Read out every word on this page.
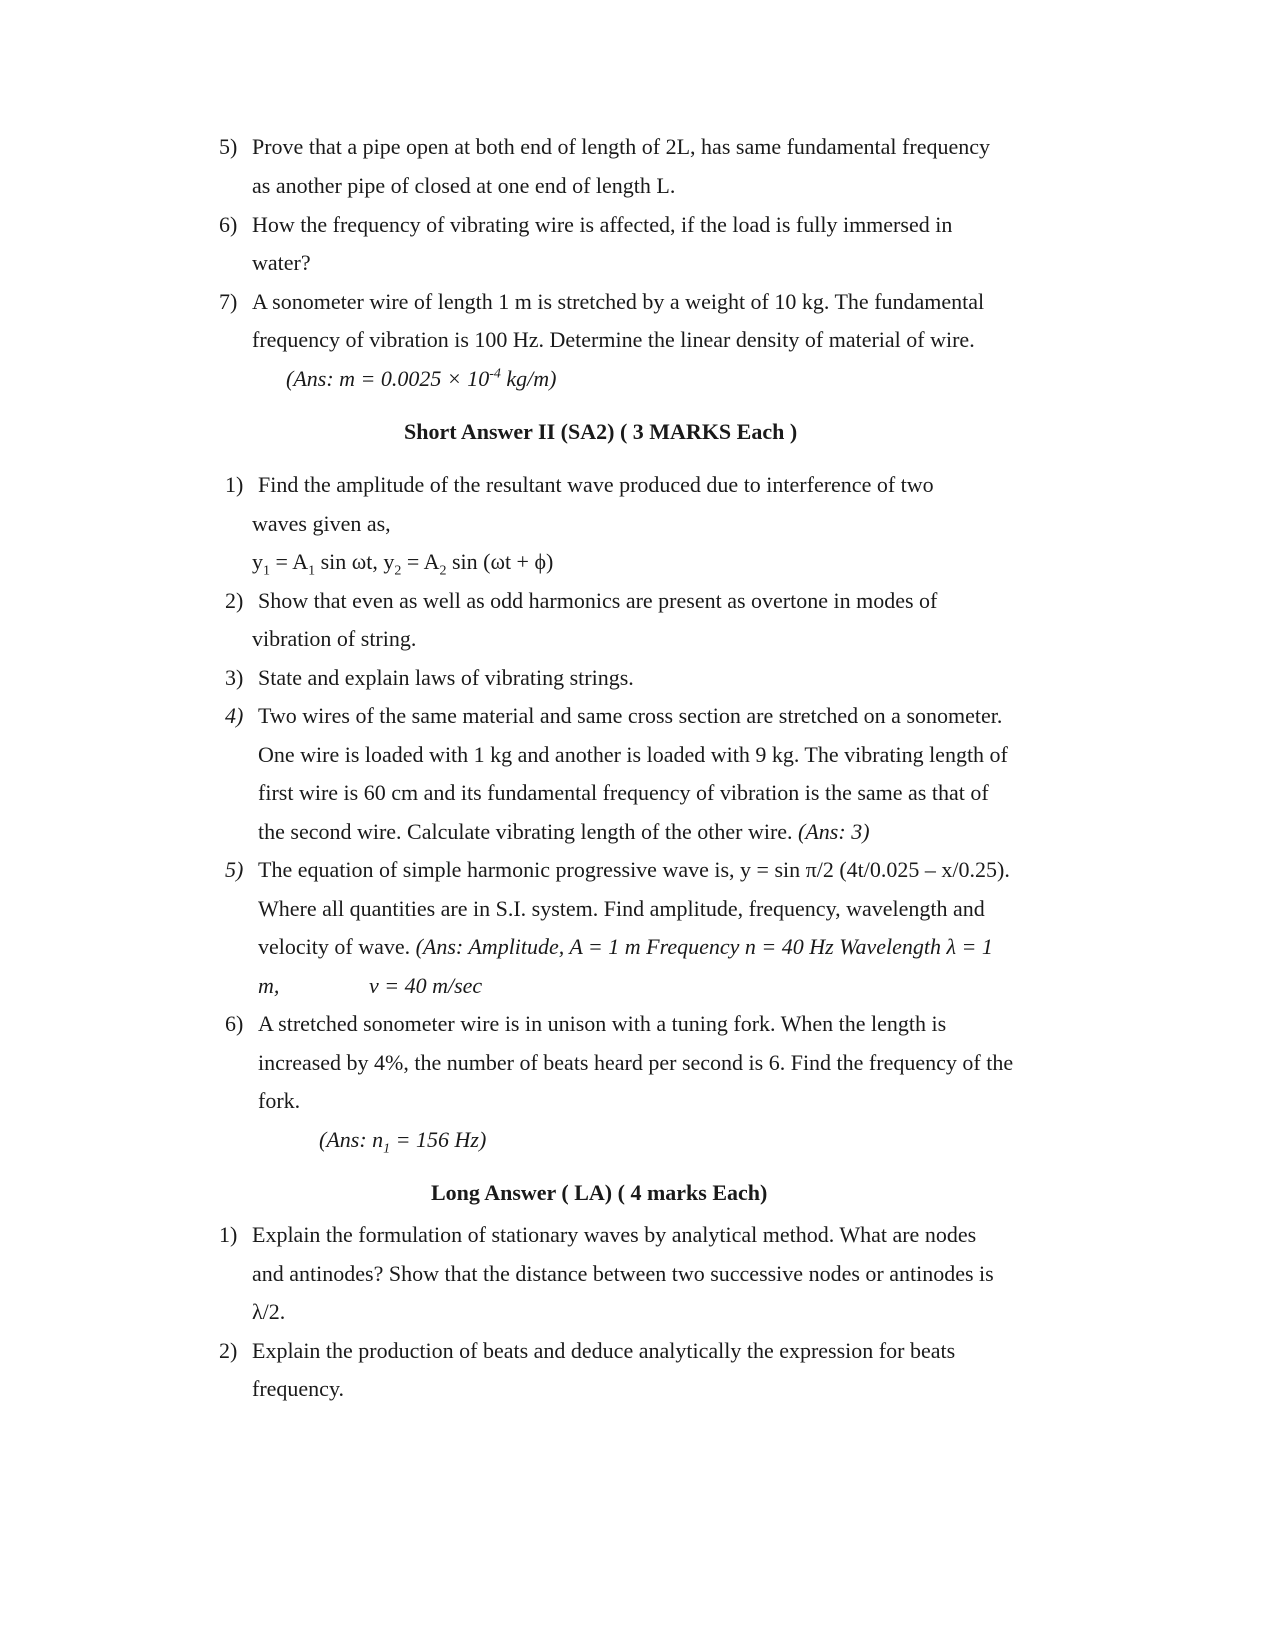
5) Prove that a pipe open at both end of length of 2L, has same fundamental frequency
as another pipe of closed at one end of length L.
6) How the frequency of vibrating wire is affected, if the load is fully immersed in
water?
7) A sonometer wire of length 1 m is stretched by a weight of 10 kg. The fundamental
frequency of vibration is 100 Hz. Determine the linear density of material of wire.
(Ans: $m = 0.0025 \times 10^{-4}$ kg/m)
Short Answer II (SA2) ( 3 MARKS Each )
1) Find the amplitude of the resultant wave produced due to interference of two
waves given as,
$y_1 = A_1$ sin ωt, $y_2 = A_2$ sin (ωt + ϕ)
2) Show that even as well as odd harmonics are present as overtone in modes of
vibration of string.
3) State and explain laws of vibrating strings.
4) Two wires of the same material and same cross section are stretched on a sonometer.
One wire is loaded with 1 kg and another is loaded with 9 kg. The vibrating length of
first wire is 60 cm and its fundamental frequency of vibration is the same as that of
the second wire. Calculate vibrating length of the other wire. (Ans: 3)
5) The equation of simple harmonic progressive wave is, y = sin π/2 (4t/0.025 – x/0.25).
Where all quantities are in S.I. system. Find amplitude, frequency, wavelength and
velocity of wave. (Ans: Amplitude, A = 1 m Frequency n = 40 Hz Wavelength λ = 1
m,	v = 40 m/sec
6) A stretched sonometer wire is in unison with a tuning fork. When the length is
increased by 4%, the number of beats heard per second is 6. Find the frequency of the
fork.
(Ans: $n_1 = 156$ Hz)
Long Answer ( LA) ( 4 marks Each)
1) Explain the formulation of stationary waves by analytical method. What are nodes
and antinodes? Show that the distance between two successive nodes or antinodes is
λ/2.
2) Explain the production of beats and deduce analytically the expression for beats
frequency.
